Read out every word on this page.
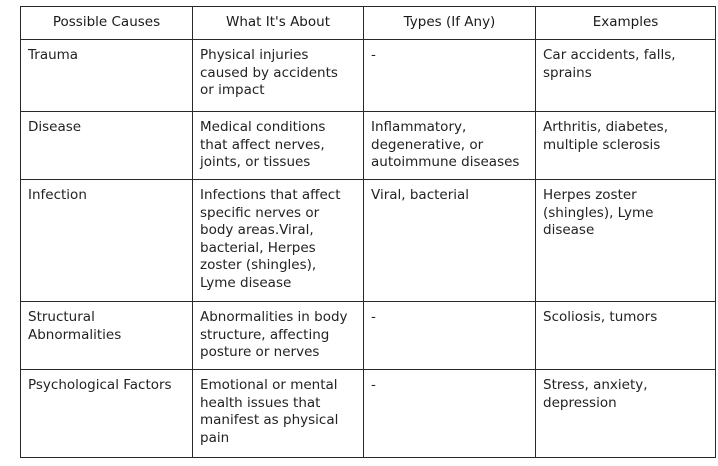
Possible Causes	What It's About	Types (If Any)	Examples
Trauma	Physical injuries caused by accidents or impact	-	Car accidents, falls, sprains
Disease	Medical conditions that affect nerves, joints, or tissues	Inflammatory, degenerative, or autoimmune diseases	Arthritis, diabetes, multiple sclerosis
Infection	Infections that affect specific nerves or body areas.Viral, bacterial, Herpes zoster (shingles), Lyme disease	Viral, bacterial	Herpes zoster (shingles), Lyme disease
Structural Abnormalities	Abnormalities in body structure, affecting posture or nerves	-	Scoliosis, tumors
Psychological Factors	Emotional or mental health issues that manifest as physical pain	-	Stress, anxiety, depression
